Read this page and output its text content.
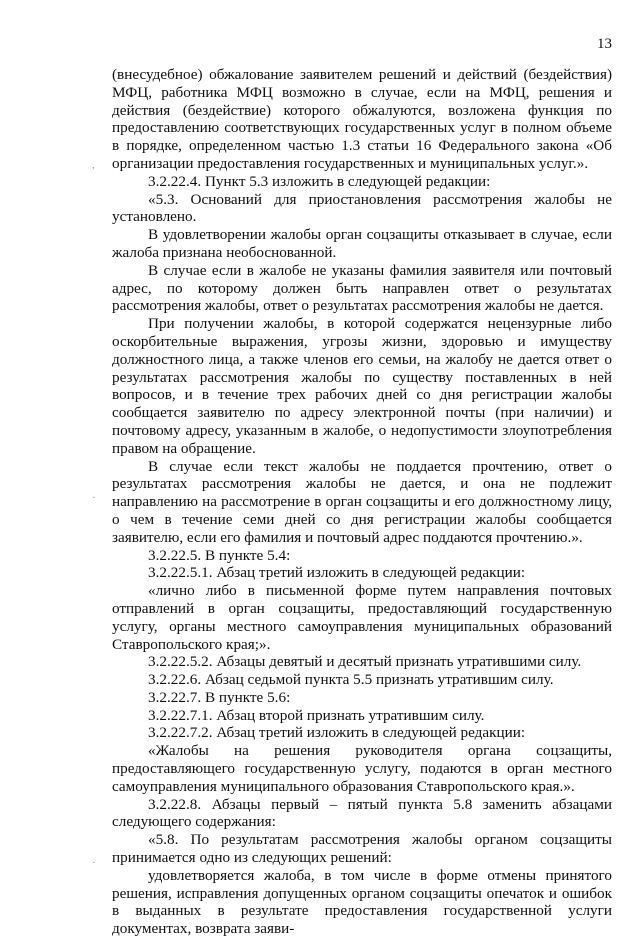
13

(внесудебное) обжалование заявителем решений и действий (бездействия) МФЦ, работника МФЦ возможно в случае, если на МФЦ, решения и действия (бездействие) которого обжалуются, возложена функция по предоставлению соответствующих государственных услуг в полном объеме в порядке, определенном частью 1.3 статьи 16 Федерального закона «Об организации предоставления государственных и муниципальных услуг.».

3.2.22.4. Пункт 5.3 изложить в следующей редакции:

«5.3. Оснований для приостановления рассмотрения жалобы не установлено.

В удовлетворении жалобы орган соцзащиты отказывает в случае, если жалоба признана необоснованной.

В случае если в жалобе не указаны фамилия заявителя или почтовый адрес, по которому должен быть направлен ответ о результатах рассмотрения жалобы, ответ о результатах рассмотрения жалобы не дается.

При получении жалобы, в которой содержатся нецензурные либо оскорбительные выражения, угрозы жизни, здоровью и имуществу должностного лица, а также членов его семьи, на жалобу не дается ответ о результатах рассмотрения жалобы по существу поставленных в ней вопросов, и в течение трех рабочих дней со дня регистрации жалобы сообщается заявителю по адресу электронной почты (при наличии) и почтовому адресу, указанным в жалобе, о недопустимости злоупотребления правом на обращение.

В случае если текст жалобы не поддается прочтению, ответ о результатах рассмотрения жалобы не дается, и она не подлежит направлению на рассмотрение в орган соцзащиты и его должностному лицу, о чем в течение семи дней со дня регистрации жалобы сообщается заявителю, если его фамилия и почтовый адрес поддаются прочтению.».

3.2.22.5. В пункте 5.4:

3.2.22.5.1. Абзац третий изложить в следующей редакции:

«лично либо в письменной форме путем направления почтовых отправлений в орган соцзащиты, предоставляющий государственную услугу, органы местного самоуправления муниципальных образований Ставропольского края;».

3.2.22.5.2. Абзацы девятый и десятый признать утратившими силу.

3.2.22.6. Абзац седьмой пункта 5.5 признать утратившим силу.

3.2.22.7. В пункте 5.6:

3.2.22.7.1. Абзац второй признать утратившим силу.

3.2.22.7.2. Абзац третий изложить в следующей редакции:

«Жалобы на решения руководителя органа соцзащиты, предоставляющего государственную услугу, подаются в орган местного самоуправления муниципального образования Ставропольского края.».

3.2.22.8. Абзацы первый – пятый пункта 5.8 заменить абзацами следующего содержания:

«5.8. По результатам рассмотрения жалобы органом соцзащиты принимается одно из следующих решений:

удовлетворяется жалоба, в том числе в форме отмены принятого решения, исправления допущенных органом соцзащиты опечаток и ошибок в выданных в результате предоставления государственной услуги документах, возврата заяви-

,
·
·
